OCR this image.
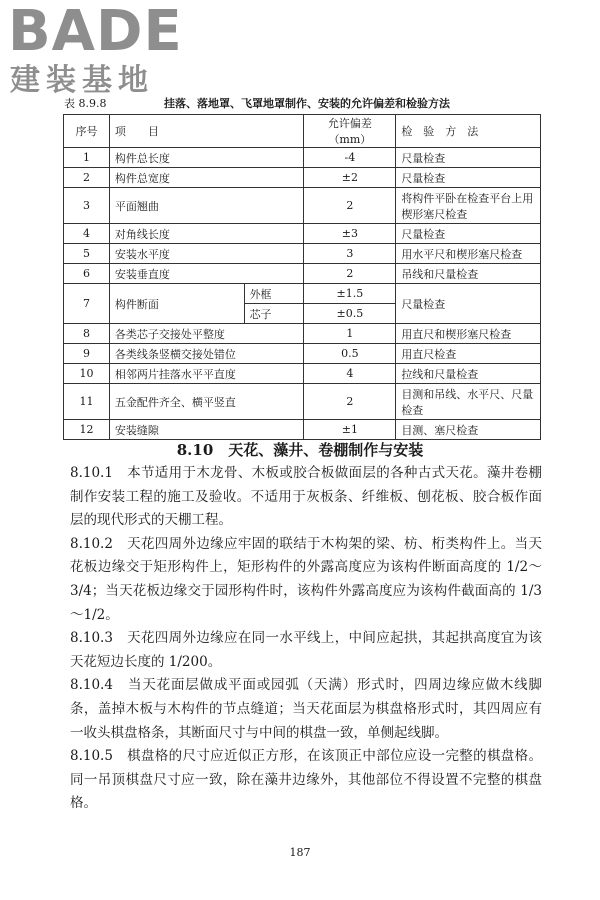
BADE
建装基地
表 8.9.8	挂落、落地罩、飞罩地罩制作、安装的允许偏差和检验方法
序号	项　　目		允许偏差（mm）	检　验　方　法
1	构件总长度		-4	尺量检查
2	构件总宽度		±2	尺量检查
3	平面翘曲		2	将构件平卧在检查平台上用楔形塞尺检查
4	对角线长度		±3	尺量检查
5	安装水平度		3	用水平尺和楔形塞尺检查
6	安装垂直度		2	吊线和尺量检查
7	构件断面	外框	±1.5	尺量检查
		芯子	±0.5	
8	各类芯子交接处平整度		1	用直尺和楔形塞尺检查
9	各类线条竖横交接处错位		0.5	用直尺检查
10	相邻两片挂落水平平直度		4	拉线和尺量检查
11	五金配件齐全、横平竖直		2	目测和吊线、水平尺、尺量检查
12	安装缝隙		±1	目测、塞尺检查
8.10　天花、藻井、卷棚制作与安装

8.10.1　本节适用于木龙骨、木板或胶合板做面层的各种古式天花。藻井卷棚制作安装工程的施工及验收。不适用于灰板条、纤维板、刨花板、胶合板作面层的现代形式的天棚工程。

8.10.2　天花四周外边缘应牢固的联结于木构架的梁、枋、桁类构件上。当天花板边缘交于矩形构件上，矩形构件的外露高度应为该构件断面高度的 1/2～3/4；当天花板边缘交于园形构件时，该构件外露高度应为该构件截面高的 1/3～1/2。

8.10.3　天花四周外边缘应在同一水平线上，中间应起拱，其起拱高度宜为该天花短边长度的 1/200。

8.10.4　当天花面层做成平面或园弧（天满）形式时，四周边缘应做木线脚条，盖掉木板与木构件的节点缝道；当天花面层为棋盘格形式时，其四周应有一收头棋盘格条，其断面尺寸与中间的棋盘一致，单侧起线脚。

8.10.5　棋盘格的尺寸应近似正方形，在该顶正中部位应设一完整的棋盘格。同一吊顶棋盘尺寸应一致，除在藻井边缘外，其他部位不得设置不完整的棋盘格。

187
